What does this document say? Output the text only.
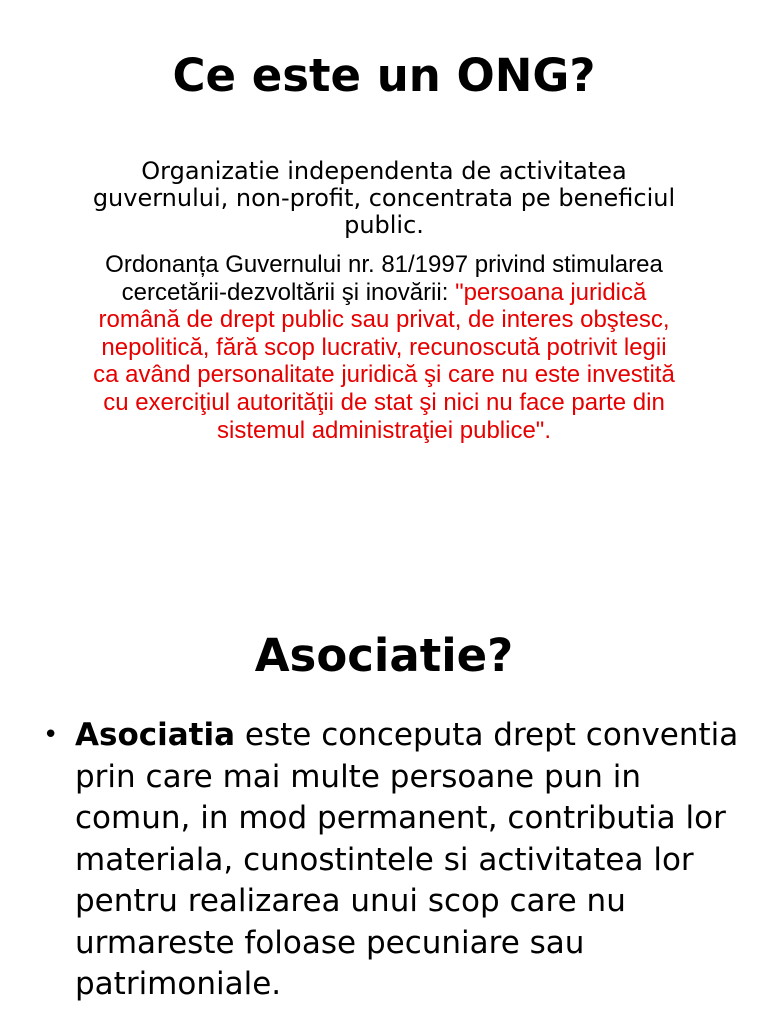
Ce este un ONG?

Organizatie independenta de activitatea guvernului, non-profit, concentrata pe beneficiul public.

Ordonanța Guvernului nr. 81/1997 privind stimularea cercetării-dezvoltării şi inovării: "persoana juridică română de drept public sau privat, de interes obştesc, nepolitică, fără scop lucrativ, recunoscută potrivit legii ca având personalitate juridică şi care nu este investită cu exerciţiul autorităţii de stat şi nici nu face parte din sistemul administraţiei publice".

Asociatie?
• Asociatia este conceputa drept conventia prin care mai multe persoane pun in comun, in mod permanent, contributia lor materiala, cunostintele si activitatea lor pentru realizarea unui scop care nu urmareste foloase pecuniare sau patrimoniale.
